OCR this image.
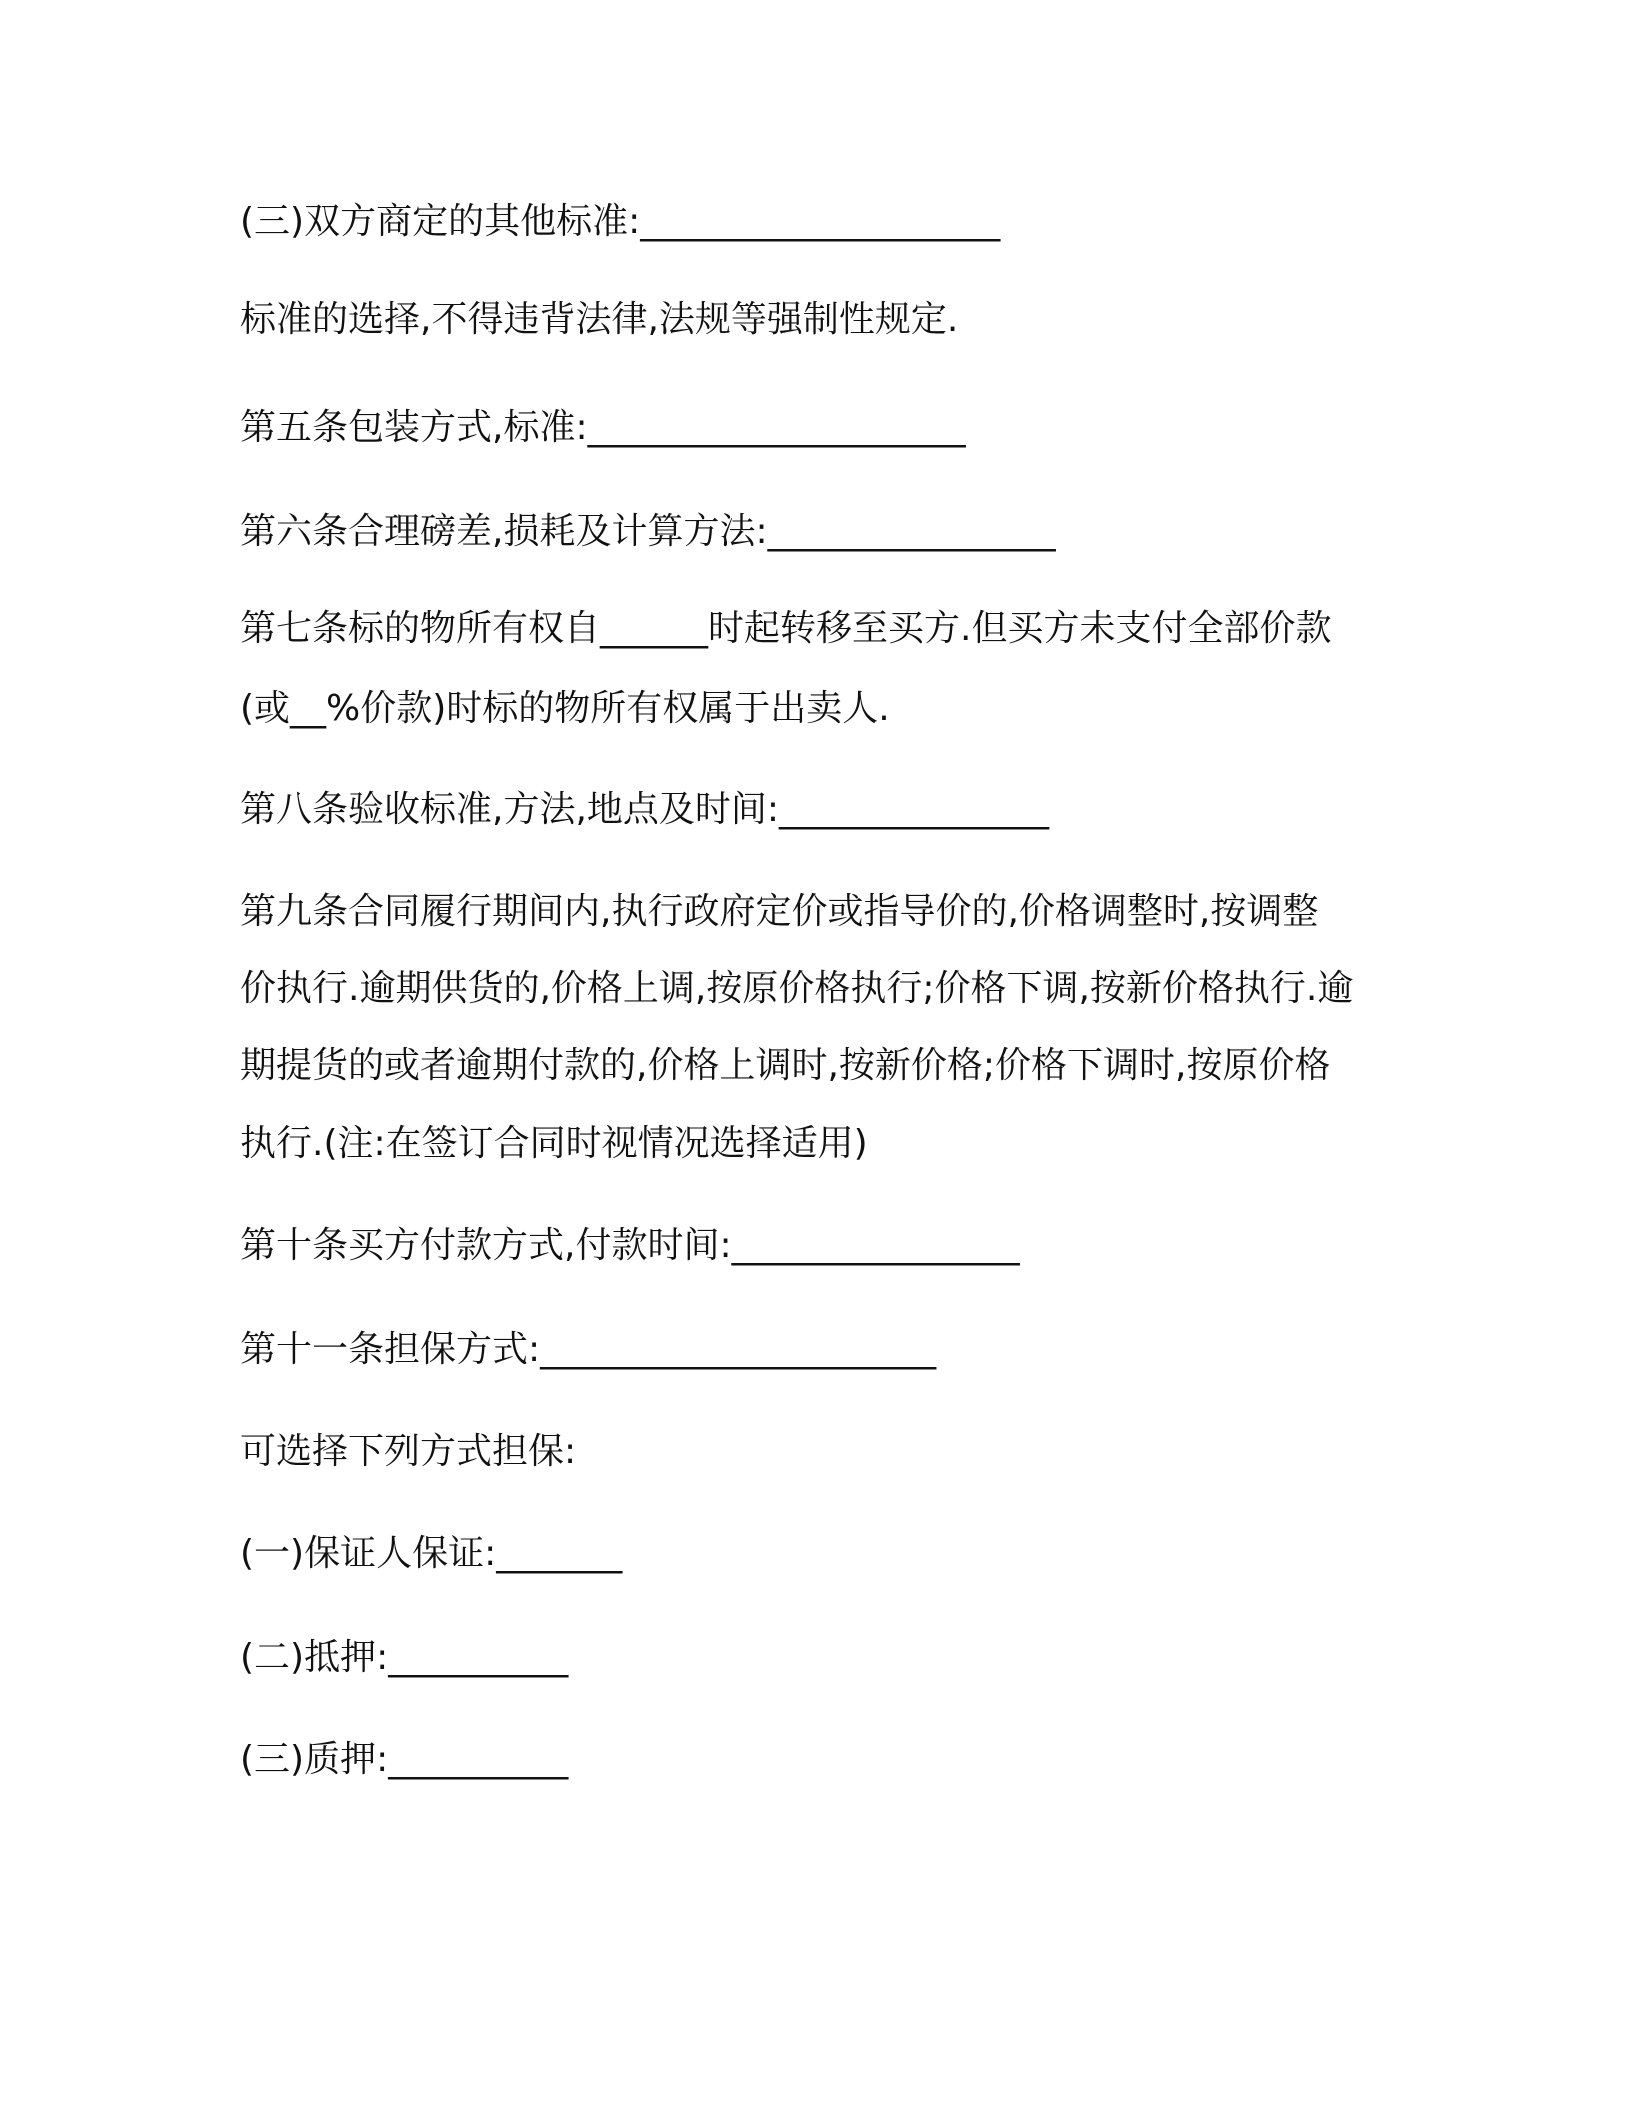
(三)双方商定的其他标准:____________________
标准的选择,不得违背法律,法规等强制性规定.
第五条包装方式,标准:_____________________
第六条合理磅差,损耗及计算方法:________________
第七条标的物所有权自______时起转移至买方.但买方未支付全部价款
(或__%价款)时标的物所有权属于出卖人.
第八条验收标准,方法,地点及时间:_______________
第九条合同履行期间内,执行政府定价或指导价的,价格调整时,按调整
价执行.逾期供货的,价格上调,按原价格执行;价格下调,按新价格执行.逾
期提货的或者逾期付款的,价格上调时,按新价格;价格下调时,按原价格
执行.(注:在签订合同时视情况选择适用)
第十条买方付款方式,付款时间:________________
第十一条担保方式:______________________
可选择下列方式担保:
(一)保证人保证:_______
(二)抵押:__________
(三)质押:__________
